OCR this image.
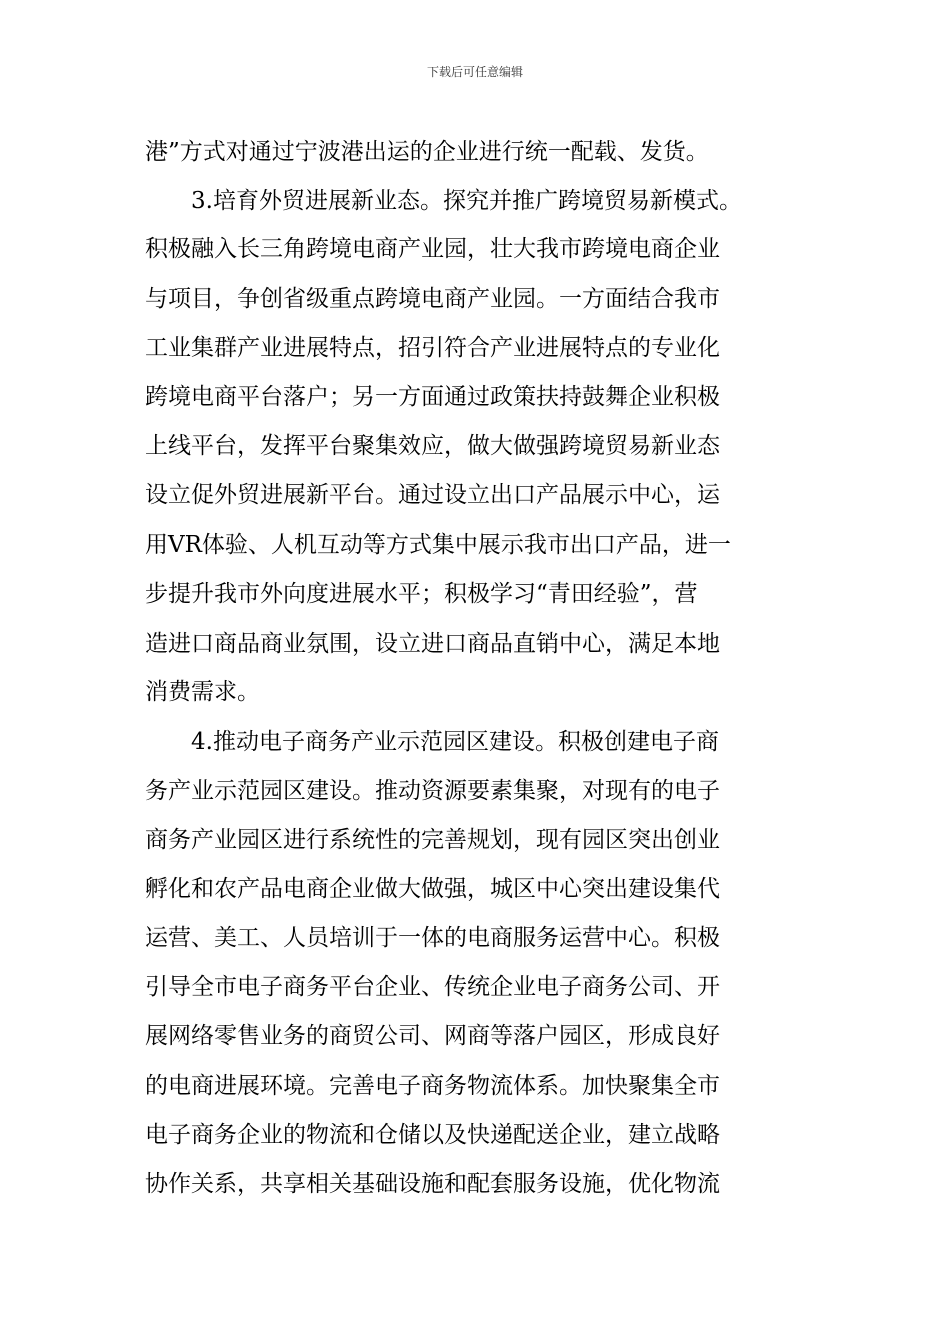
下载后可任意编辑
港”方式对通过宁波港出运的企业进行统一配载、发货。
　　3.培育外贸进展新业态。探究并推广跨境贸易新模式。
积极融入长三角跨境电商产业园，壮大我市跨境电商企业
与项目，争创省级重点跨境电商产业园。一方面结合我市
工业集群产业进展特点，招引符合产业进展特点的专业化
跨境电商平台落户；另一方面通过政策扶持鼓舞企业积极
上线平台，发挥平台聚集效应，做大做强跨境贸易新业态
设立促外贸进展新平台。通过设立出口产品展示中心，运
用VR体验、人机互动等方式集中展示我市出口产品，进一
步提升我市外向度进展水平；积极学习“青田经验”，营
造进口商品商业氛围，设立进口商品直销中心，满足本地
消费需求。
　　4.推动电子商务产业示范园区建设。积极创建电子商
务产业示范园区建设。推动资源要素集聚，对现有的电子
商务产业园区进行系统性的完善规划，现有园区突出创业
孵化和农产品电商企业做大做强，城区中心突出建设集代
运营、美工、人员培训于一体的电商服务运营中心。积极
引导全市电子商务平台企业、传统企业电子商务公司、开
展网络零售业务的商贸公司、网商等落户园区，形成良好
的电商进展环境。完善电子商务物流体系。加快聚集全市
电子商务企业的物流和仓储以及快递配送企业，建立战略
协作关系，共享相关基础设施和配套服务设施，优化物流
